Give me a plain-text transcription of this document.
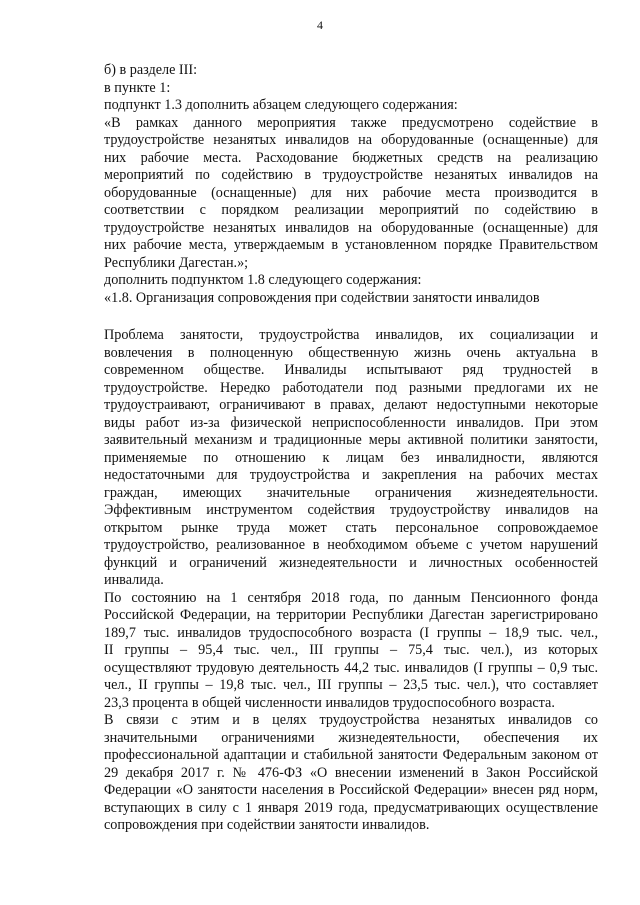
4

б) в разделе III:

в пункте 1:

подпункт 1.3 дополнить абзацем следующего содержания:

«В рамках данного мероприятия также предусмотрено содействие в

трудоустройстве незанятых инвалидов на оборудованные (оснащенные) для

них рабочие места. Расходование бюджетных средств на реализацию

мероприятий по содействию в трудоустройстве незанятых инвалидов на

оборудованные (оснащенные) для них рабочие места производится в

соответствии с порядком реализации мероприятий по содействию в

трудоустройстве незанятых инвалидов на оборудованные (оснащенные) для

них рабочие места, утверждаемым в установленном порядке Правительством

Республики Дагестан.»;

дополнить подпунктом 1.8 следующего содержания:

«1.8. Организация сопровождения при содействии занятости инвалидов

Проблема занятости, трудоустройства инвалидов, их социализации и

вовлечения в полноценную общественную жизнь очень актуальна в

современном обществе. Инвалиды испытывают ряд трудностей в

трудоустройстве. Нередко работодатели под разными предлогами их не

трудоустраивают, ограничивают в правах, делают недоступными некоторые

виды работ из-за физической неприспособленности инвалидов. При этом

заявительный механизм и традиционные меры активной политики занятости,

применяемые по отношению к лицам без инвалидности, являются

недостаточными для трудоустройства и закрепления на рабочих местах

граждан, имеющих значительные ограничения жизнедеятельности.

Эффективным инструментом содействия трудоустройству инвалидов на

открытом рынке труда может стать персональное сопровождаемое

трудоустройство, реализованное в необходимом объеме с учетом нарушений

функций и ограничений жизнедеятельности и личностных особенностей

инвалида.

По состоянию на 1 сентября 2018 года, по данным Пенсионного фонда

Российской Федерации, на территории Республики Дагестан зарегистрировано

189,7 тыс. инвалидов трудоспособного возраста (I группы – 18,9 тыс. чел.,

II группы – 95,4 тыс. чел., III группы – 75,4 тыс. чел.), из которых

осуществляют трудовую деятельность 44,2 тыс. инвалидов (I группы – 0,9 тыс.

чел., II группы – 19,8 тыс. чел., III группы – 23,5 тыс. чел.), что составляет

23,3 процента в общей численности инвалидов трудоспособного возраста.

В связи с этим и в целях трудоустройства незанятых инвалидов со

значительными ограничениями жизнедеятельности, обеспечения их

профессиональной адаптации и стабильной занятости Федеральным законом от

29 декабря 2017 г. № 476-ФЗ «О внесении изменений в Закон Российской

Федерации «О занятости населения в Российской Федерации» внесен ряд норм,

вступающих в силу с 1 января 2019 года, предусматривающих осуществление

сопровождения при содействии занятости инвалидов.
